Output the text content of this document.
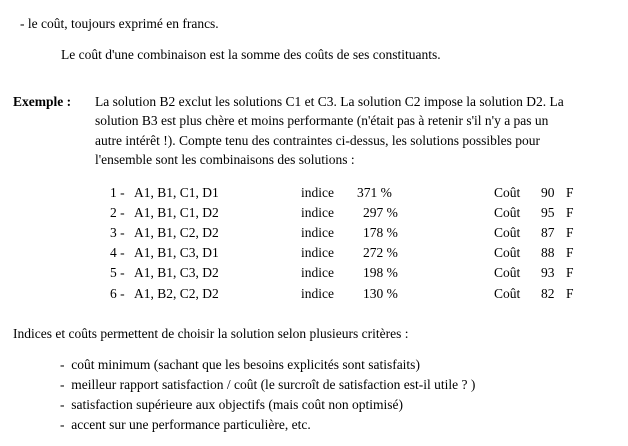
- le coût, toujours exprimé en francs.
Le coût d'une combinaison est la somme des coûts de ses constituants.
Exemple : La solution B2 exclut les solutions C1 et C3. La solution C2 impose la solution D2. La
solution B3 est plus chère et moins performante (n'était pas à retenir s'il n'y a pas un
autre intérêt !). Compte tenu des contraintes ci-dessus, les solutions possibles pour
l'ensemble sont les combinaisons des solutions :
1 - A1, B1, C1, D1	indice 371 %	Coût 90 F
2 - A1, B1, C1, D2	indice 297 %	Coût 95 F
3 - A1, B1, C2, D2	indice 178 %	Coût 87 F
4 - A1, B1, C3, D1	indice 272 %	Coût 88 F
5 - A1, B1, C3, D2	indice 198 %	Coût 93 F
6 - A1, B2, C2, D2	indice 130 %	Coût 82 F
Indices et coûts permettent de choisir la solution selon plusieurs critères :
-  coût minimum (sachant que les besoins explicités sont satisfaits)
-  meilleur rapport satisfaction / coût (le surcroît de satisfaction est-il utile ? )
-  satisfaction supérieure aux objectifs (mais coût non optimisé)
-  accent sur une performance particulière, etc.
